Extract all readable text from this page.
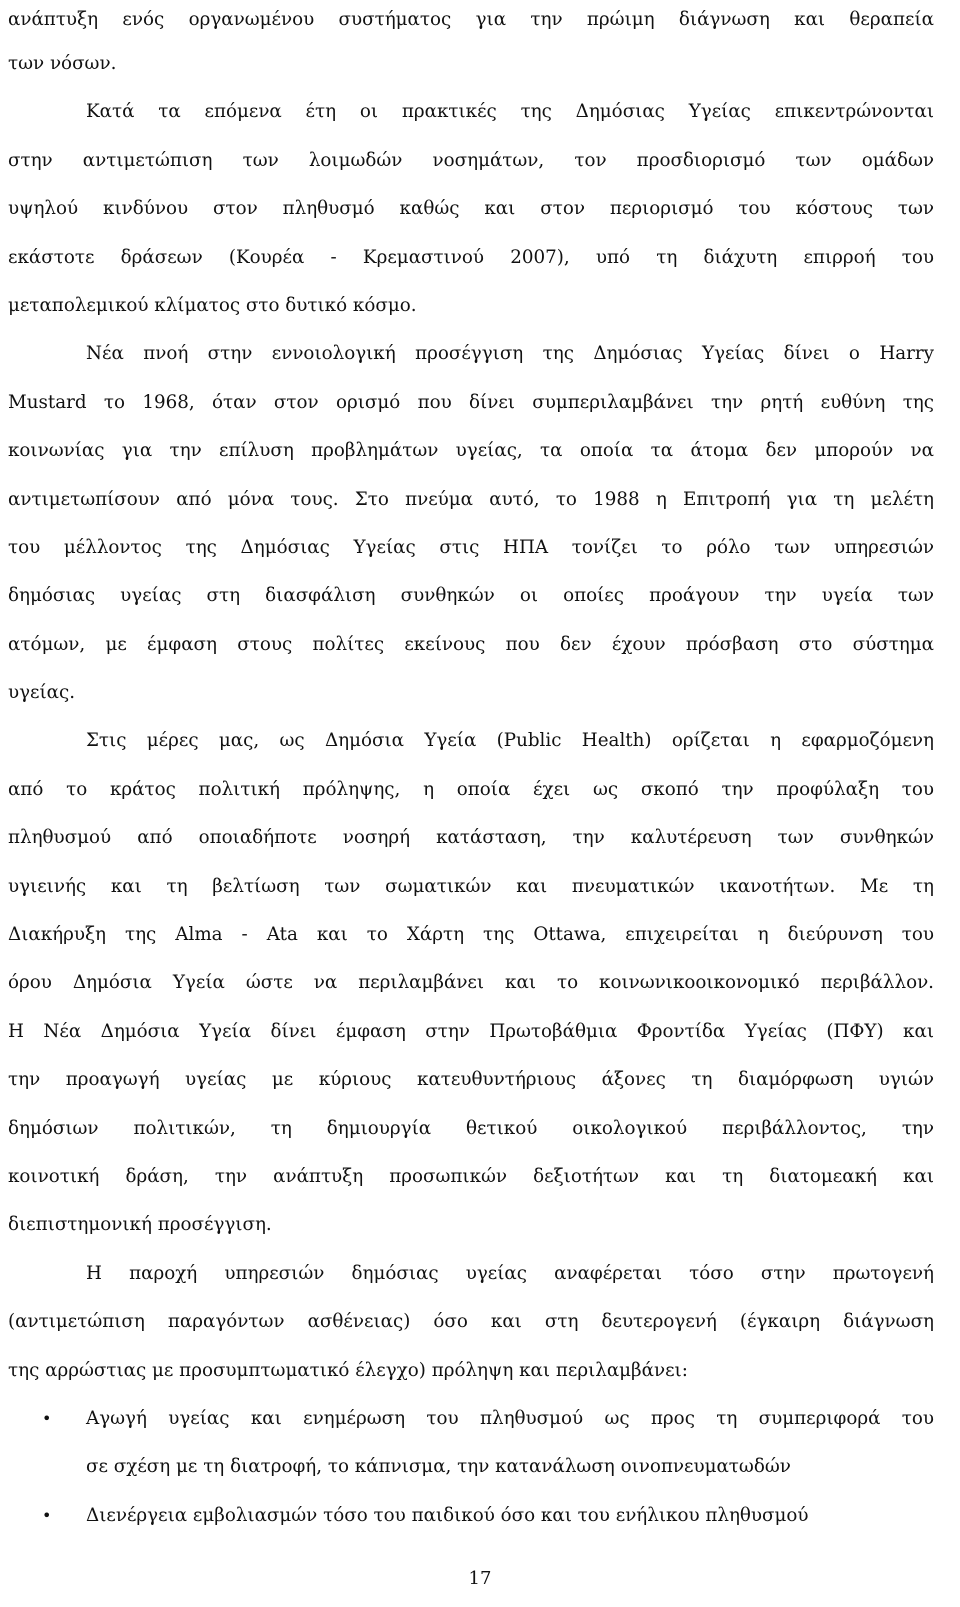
ανάπτυξη ενός οργανωμένου συστήματος για την πρώιμη διάγνωση και θεραπεία
των νόσων.
Κατά τα επόμενα έτη οι πρακτικές της Δημόσιας Υγείας επικεντρώνονται
στην αντιμετώπιση των λοιμωδών νοσημάτων, τον προσδιορισμό των ομάδων
υψηλού κινδύνου στον πληθυσμό καθώς και στον περιορισμό του κόστους των
εκάστοτε δράσεων (Κουρέα - Κρεμαστινού 2007), υπό τη διάχυτη επιρροή του
μεταπολεμικού κλίματος στο δυτικό κόσμο.
Νέα πνοή στην εννοιολογική προσέγγιση της Δημόσιας Υγείας δίνει ο Harry
Mustard το 1968, όταν στον ορισμό που δίνει συμπεριλαμβάνει την ρητή ευθύνη της
κοινωνίας για την επίλυση προβλημάτων υγείας, τα οποία τα άτομα δεν μπορούν να
αντιμετωπίσουν από μόνα τους. Στο πνεύμα αυτό, το 1988 η Επιτροπή για τη μελέτη
του μέλλοντος της Δημόσιας Υγείας στις ΗΠΑ τονίζει το ρόλο των υπηρεσιών
δημόσιας υγείας στη διασφάλιση συνθηκών οι οποίες προάγουν την υγεία των
ατόμων, με έμφαση στους πολίτες εκείνους που δεν έχουν πρόσβαση στο σύστημα
υγείας.
Στις μέρες μας, ως Δημόσια Υγεία (Public Health) ορίζεται η εφαρμοζόμενη
από το κράτος πολιτική πρόληψης, η οποία έχει ως σκοπό την προφύλαξη του
πληθυσμού από οποιαδήποτε νοσηρή κατάσταση, την καλυτέρευση των συνθηκών
υγιεινής και τη βελτίωση των σωματικών και πνευματικών ικανοτήτων. Με τη
Διακήρυξη της Alma - Ata και το Χάρτη της Ottawa, επιχειρείται η διεύρυνση του
όρου Δημόσια Υγεία ώστε να περιλαμβάνει και το κοινωνικοοικονομικό περιβάλλον.
Η Νέα Δημόσια Υγεία δίνει έμφαση στην Πρωτοβάθμια Φροντίδα Υγείας (ΠΦΥ) και
την προαγωγή υγείας με κύριους κατευθυντήριους άξονες τη διαμόρφωση υγιών
δημόσιων πολιτικών, τη δημιουργία θετικού οικολογικού περιβάλλοντος, την
κοινοτική δράση, την ανάπτυξη προσωπικών δεξιοτήτων και τη διατομεακή και
διεπιστημονική προσέγγιση.
Η παροχή υπηρεσιών δημόσιας υγείας αναφέρεται τόσο στην πρωτογενή
(αντιμετώπιση παραγόντων ασθένειας) όσο και στη δευτερογενή (έγκαιρη διάγνωση
της αρρώστιας με προσυμπτωματικό έλεγχο) πρόληψη και περιλαμβάνει:
• Αγωγή υγείας και ενημέρωση του πληθυσμού ως προς τη συμπεριφορά του
σε σχέση με τη διατροφή, το κάπνισμα, την κατανάλωση οινοπνευματωδών
• Διενέργεια εμβολιασμών τόσο του παιδικού όσο και του ενήλικου πληθυσμού
17
